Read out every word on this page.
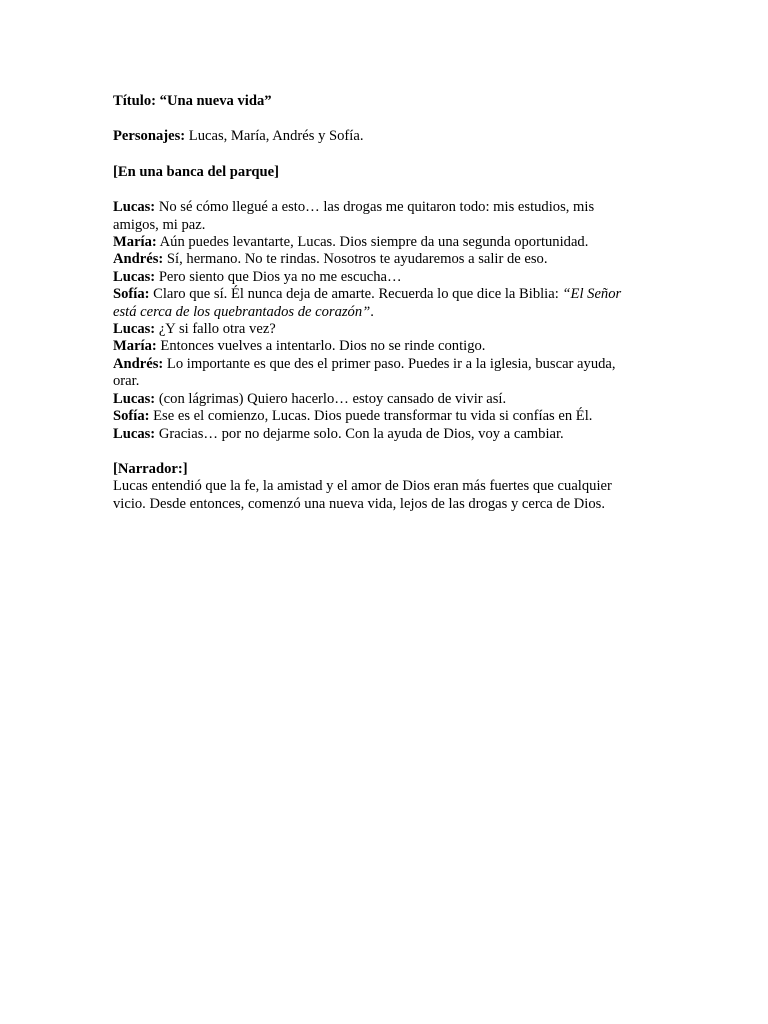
Título: “Una nueva vida”

Personajes: Lucas, María, Andrés y Sofía.

[En una banca del parque]

Lucas: No sé cómo llegué a esto… las drogas me quitaron todo: mis estudios, mis amigos, mi paz.

María: Aún puedes levantarte, Lucas. Dios siempre da una segunda oportunidad.

Andrés: Sí, hermano. No te rindas. Nosotros te ayudaremos a salir de eso.

Lucas: Pero siento que Dios ya no me escucha…

Sofía: Claro que sí. Él nunca deja de amarte. Recuerda lo que dice la Biblia: “El Señor está cerca de los quebrantados de corazón”.

Lucas: ¿Y si fallo otra vez?

María: Entonces vuelves a intentarlo. Dios no se rinde contigo.

Andrés: Lo importante es que des el primer paso. Puedes ir a la iglesia, buscar ayuda, orar.

Lucas: (con lágrimas) Quiero hacerlo… estoy cansado de vivir así.

Sofía: Ese es el comienzo, Lucas. Dios puede transformar tu vida si confías en Él.

Lucas: Gracias… por no dejarme solo. Con la ayuda de Dios, voy a cambiar.

[Narrador:]

Lucas entendió que la fe, la amistad y el amor de Dios eran más fuertes que cualquier vicio. Desde entonces, comenzó una nueva vida, lejos de las drogas y cerca de Dios.
